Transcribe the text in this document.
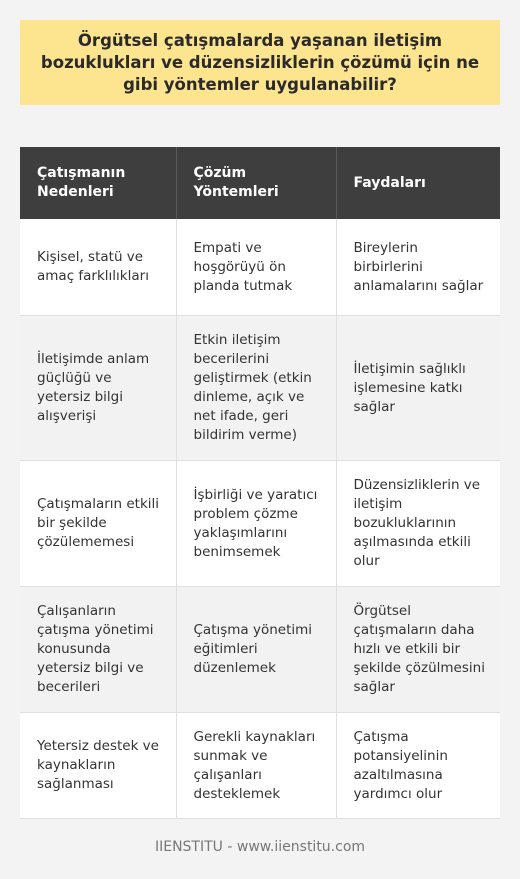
Örgütsel çatışmalarda yaşanan iletişim bozuklukları ve düzensizliklerin çözümü için ne gibi yöntemler uygulanabilir?
Çatışmanın Nedenleri	Çözüm Yöntemleri	Faydaları
Kişisel, statü ve amaç farklılıkları	Empati ve hoşgörüyü ön planda tutmak	Bireylerin birbirlerini anlamalarını sağlar
İletişimde anlam güçlüğü ve yetersiz bilgi alışverişi	Etkin iletişim becerilerini geliştirmek (etkin dinleme, açık ve net ifade, geri bildirim verme)	İletişimin sağlıklı işlemesine katkı sağlar
Çatışmaların etkili bir şekilde çözülememesi	İşbirliği ve yaratıcı problem çözme yaklaşımlarını benimsemek	Düzensizliklerin ve iletişim bozukluklarının aşılmasında etkili olur
Çalışanların çatışma yönetimi konusunda yetersiz bilgi ve becerileri	Çatışma yönetimi eğitimleri düzenlemek	Örgütsel çatışmaların daha hızlı ve etkili bir şekilde çözülmesini sağlar
Yetersiz destek ve kaynakların sağlanması	Gerekli kaynakları sunmak ve çalışanları desteklemek	Çatışma potansiyelinin azaltılmasına yardımcı olur
IIENSTITU - www.iienstitu.com
